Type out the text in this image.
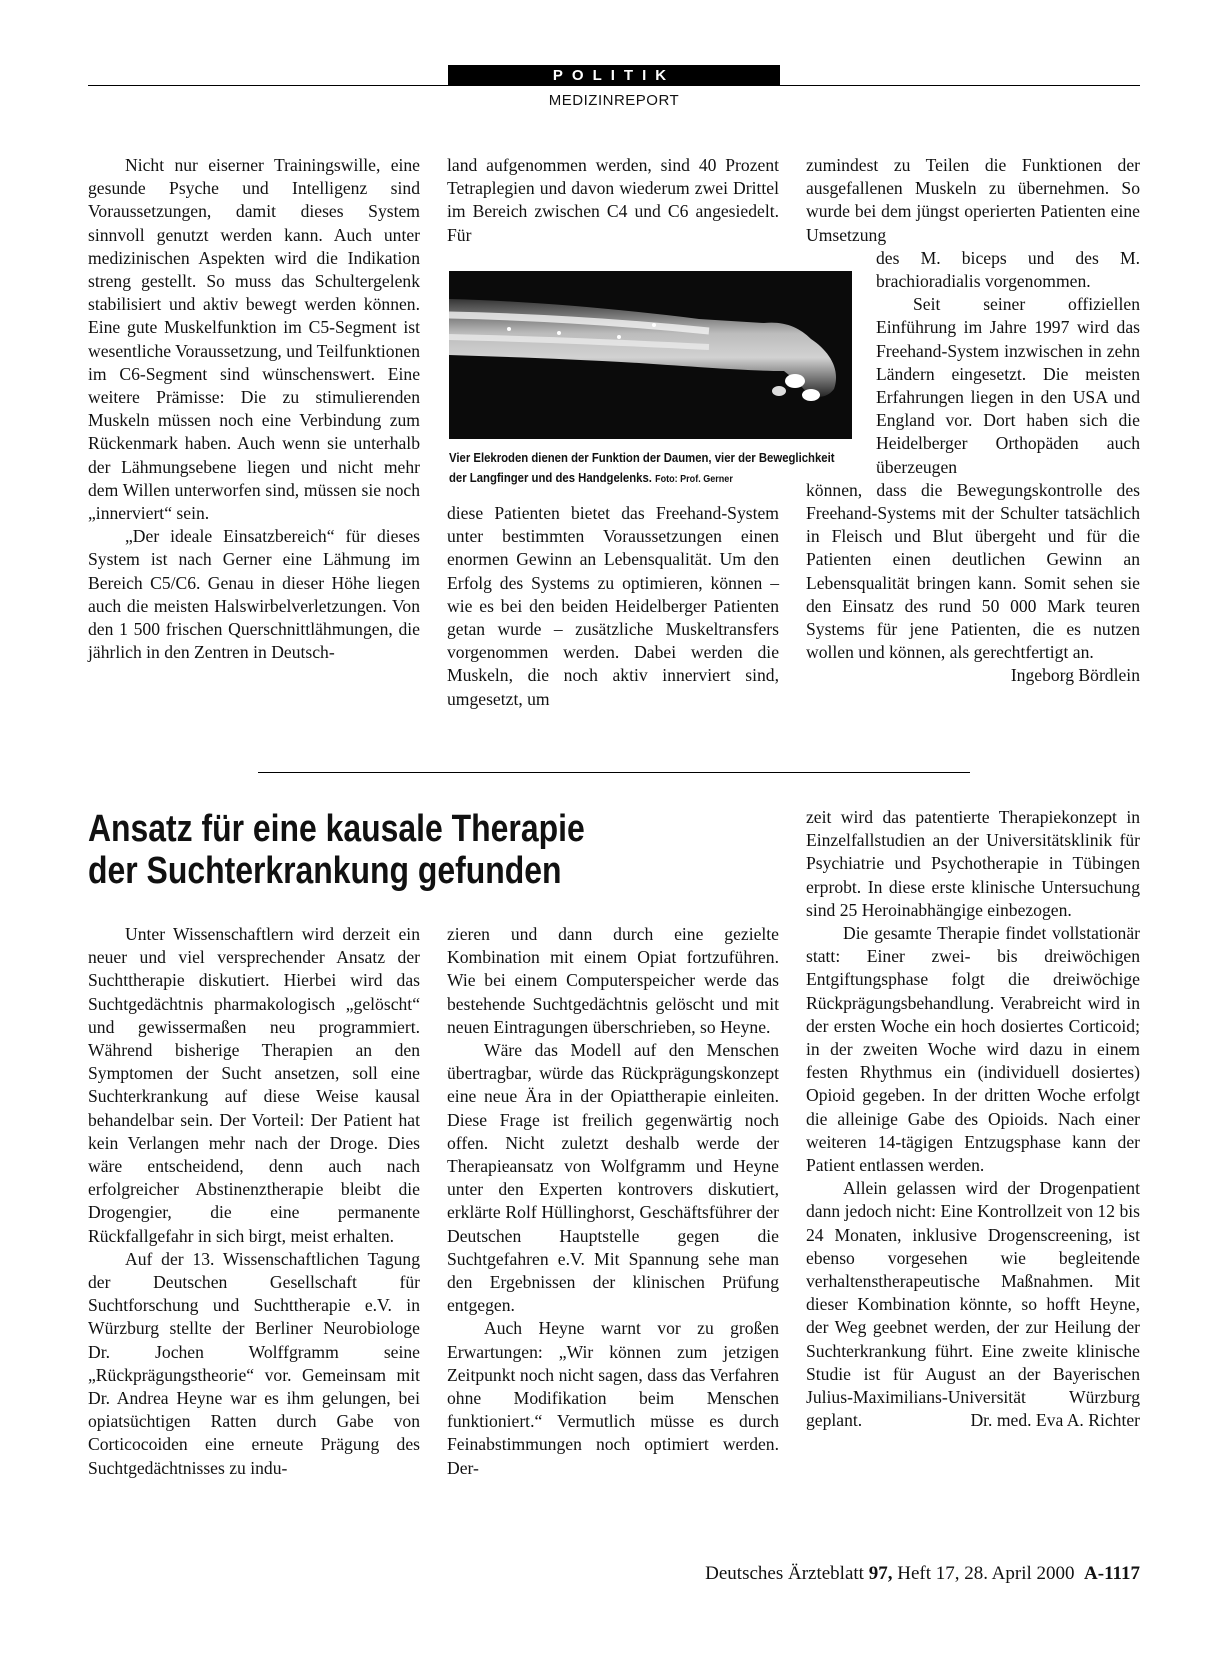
POLITIK
MEDIZINREPORT

Nicht nur eiserner Trainingswille, eine gesunde Psyche und Intelligenz sind Voraussetzungen, damit dieses System sinnvoll genutzt werden kann. Auch unter medizinischen Aspekten wird die Indikation streng gestellt. So muss das Schultergelenk stabilisiert und aktiv bewegt werden können. Eine gute Muskelfunktion im C5-Segment ist wesentliche Voraussetzung, und Teilfunktionen im C6-Segment sind wünschenswert. Eine weitere Prämisse: Die zu stimulierenden Muskeln müssen noch eine Verbindung zum Rückenmark haben. Auch wenn sie unterhalb der Lähmungsebene liegen und nicht mehr dem Willen unterworfen sind, müssen sie noch „innerviert“ sein.

„Der ideale Einsatzbereich“ für dieses System ist nach Gerner eine Lähmung im Bereich C5/C6. Genau in dieser Höhe liegen auch die meisten Halswirbelverletzungen. Von den 1 500 frischen Querschnittlähmungen, die jährlich in den Zentren in Deutsch-

land aufgenommen werden, sind 40 Prozent Tetraplegien und davon wiederum zwei Drittel im Bereich zwischen C4 und C6 angesiedelt. Für

Vier Elekroden dienen der Funktion der Daumen, vier der Beweglichkeit der Langfinger und des Handgelenks. Foto: Prof. Gerner

diese Patienten bietet das Freehand-System unter bestimmten Voraussetzungen einen enormen Gewinn an Lebensqualität. Um den Erfolg des Systems zu optimieren, können – wie es bei den beiden Heidelberger Patienten getan wurde – zusätzliche Muskeltransfers vorgenommen werden. Dabei werden die Muskeln, die noch aktiv innerviert sind, umgesetzt, um

zumindest zu Teilen die Funktionen der ausgefallenen Muskeln zu übernehmen. So wurde bei dem jüngst operierten Patienten eine Umsetzung

des M. biceps und des M. brachioradialis vorgenommen.

Seit seiner offiziellen Einführung im Jahre 1997 wird das Freehand-System inzwischen in zehn Ländern eingesetzt. Die meisten Erfahrungen liegen in den USA und England vor. Dort haben sich die Heidelberger Orthopäden auch überzeugen

können, dass die Bewegungskontrolle des Freehand-Systems mit der Schulter tatsächlich in Fleisch und Blut übergeht und für die Patienten einen deutlichen Gewinn an Lebensqualität bringen kann. Somit sehen sie den Einsatz des rund 50 000 Mark teuren Systems für jene Patienten, die es nutzen wollen und können, als gerechtfertigt an.
Ingeborg Bördlein

Ansatz für eine kausale Therapie der Suchterkrankung gefunden

Unter Wissenschaftlern wird derzeit ein neuer und viel versprechender Ansatz der Suchttherapie diskutiert. Hierbei wird das Suchtgedächtnis pharmakologisch „gelöscht“ und gewissermaßen neu programmiert. Während bisherige Therapien an den Symptomen der Sucht ansetzen, soll eine Suchterkrankung auf diese Weise kausal behandelbar sein. Der Vorteil: Der Patient hat kein Verlangen mehr nach der Droge. Dies wäre entscheidend, denn auch nach erfolgreicher Abstinenztherapie bleibt die Drogengier, die eine permanente Rückfallgefahr in sich birgt, meist erhalten.

Auf der 13. Wissenschaftlichen Tagung der Deutschen Gesellschaft für Suchtforschung und Suchttherapie e.V. in Würzburg stellte der Berliner Neurobiologe Dr. Jochen Wolffgramm seine „Rückprägungstheorie“ vor. Gemeinsam mit Dr. Andrea Heyne war es ihm gelungen, bei opiatsüchtigen Ratten durch Gabe von Corticocoiden eine erneute Prägung des Suchtgedächtnisses zu indu-

zieren und dann durch eine gezielte Kombination mit einem Opiat fortzuführen. Wie bei einem Computerspeicher werde das bestehende Suchtgedächtnis gelöscht und mit neuen Eintragungen überschrieben, so Heyne.

Wäre das Modell auf den Menschen übertragbar, würde das Rückprägungskonzept eine neue Ära in der Opiattherapie einleiten. Diese Frage ist freilich gegenwärtig noch offen. Nicht zuletzt deshalb werde der Therapieansatz von Wolfgramm und Heyne unter den Experten kontrovers diskutiert, erklärte Rolf Hüllinghorst, Geschäftsführer der Deutschen Hauptstelle gegen die Suchtgefahren e.V. Mit Spannung sehe man den Ergebnissen der klinischen Prüfung entgegen.

Auch Heyne warnt vor zu großen Erwartungen: „Wir können zum jetzigen Zeitpunkt noch nicht sagen, dass das Verfahren ohne Modifikation beim Menschen funktioniert.“ Vermutlich müsse es durch Feinabstimmungen noch optimiert werden. Der-

zeit wird das patentierte Therapiekonzept in Einzelfallstudien an der Universitätsklinik für Psychiatrie und Psychotherapie in Tübingen erprobt. In diese erste klinische Untersuchung sind 25 Heroinabhängige einbezogen.

Die gesamte Therapie findet vollstationär statt: Einer zwei- bis dreiwöchigen Entgiftungsphase folgt die dreiwöchige Rückprägungsbehandlung. Verabreicht wird in der ersten Woche ein hoch dosiertes Corticoid; in der zweiten Woche wird dazu in einem festen Rhythmus ein (individuell dosiertes) Opioid gegeben. In der dritten Woche erfolgt die alleinige Gabe des Opioids. Nach einer weiteren 14-tägigen Entzugsphase kann der Patient entlassen werden.

Allein gelassen wird der Drogenpatient dann jedoch nicht: Eine Kontrollzeit von 12 bis 24 Monaten, inklusive Drogenscreening, ist ebenso vorgesehen wie begleitende verhaltenstherapeutische Maßnahmen. Mit dieser Kombination könnte, so hofft Heyne, der Weg geebnet werden, der zur Heilung der Suchterkrankung führt. Eine zweite klinische Studie ist für August an der Bayerischen Julius-Maximilians-Universität Würzburg geplant.	Dr. med. Eva A. Richter

Deutsches Ärzteblatt 97, Heft 17, 28. April 2000 A-1117
